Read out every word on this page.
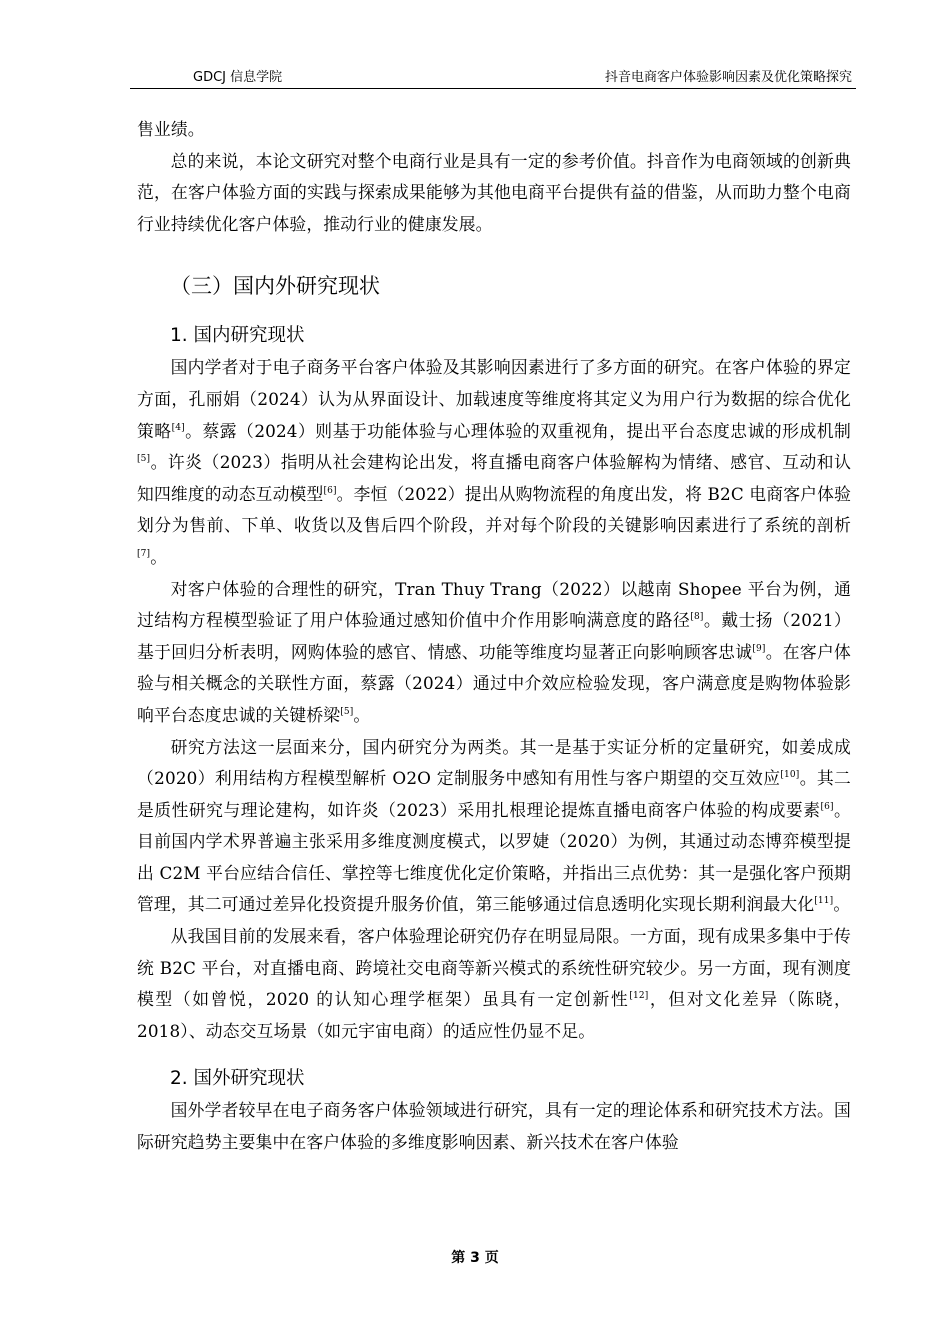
GDCJ 信息学院	抖音电商客户体验影响因素及优化策略探究

售业绩。

总的来说，本论文研究对整个电商行业是具有一定的参考价值。抖音作为电商领域的创新典范，在客户体验方面的实践与探索成果能够为其他电商平台提供有益的借鉴，从而助力整个电商行业持续优化客户体验，推动行业的健康发展。

（三）国内外研究现状
1. 国内研究现状

国内学者对于电子商务平台客户体验及其影响因素进行了多方面的研究。在客户体验的界定方面，孔丽娟（2024）认为从界面设计、加载速度等维度将其定义为用户行为数据的综合优化策略[4]。蔡露（2024）则基于功能体验与心理体验的双重视角，提出平台态度忠诚的形成机制[5]。许炎（2023）指明从社会建构论出发，将直播电商客户体验解构为情绪、感官、互动和认知四维度的动态互动模型[6]。李恒（2022）提出从购物流程的角度出发，将 B2C 电商客户体验划分为售前、下单、收货以及售后四个阶段，并对每个阶段的关键影响因素进行了系统的剖析[7]。

对客户体验的合理性的研究，Tran Thuy Trang（2022）以越南 Shopee 平台为例，通过结构方程模型验证了用户体验通过感知价值中介作用影响满意度的路径[8]。戴士扬（2021）基于回归分析表明，网购体验的感官、情感、功能等维度均显著正向影响顾客忠诚[9]。在客户体验与相关概念的关联性方面，蔡露（2024）通过中介效应检验发现，客户满意度是购物体验影响平台态度忠诚的关键桥梁[5]。

研究方法这一层面来分，国内研究分为两类。其一是基于实证分析的定量研究，如姜成成（2020）利用结构方程模型解析 O2O 定制服务中感知有用性与客户期望的交互效应[10]。其二是质性研究与理论建构，如许炎（2023）采用扎根理论提炼直播电商客户体验的构成要素[6]。目前国内学术界普遍主张采用多维度测度模式，以罗婕（2020）为例，其通过动态博弈模型提出 C2M 平台应结合信任、掌控等七维度优化定价策略，并指出三点优势：其一是强化客户预期管理，其二可通过差异化投资提升服务价值，第三能够通过信息透明化实现长期利润最大化[11]。

从我国目前的发展来看，客户体验理论研究仍存在明显局限。一方面，现有成果多集中于传统 B2C 平台，对直播电商、跨境社交电商等新兴模式的系统性研究较少。另一方面，现有测度模型（如曾悦，2020 的认知心理学框架）虽具有一定创新性[12]，但对文化差异（陈晓，2018）、动态交互场景（如元宇宙电商）的适应性仍显不足。

2. 国外研究现状

国外学者较早在电子商务客户体验领域进行研究，具有一定的理论体系和研究技术方法。国际研究趋势主要集中在客户体验的多维度影响因素、新兴技术在客户体验

第 3 页
